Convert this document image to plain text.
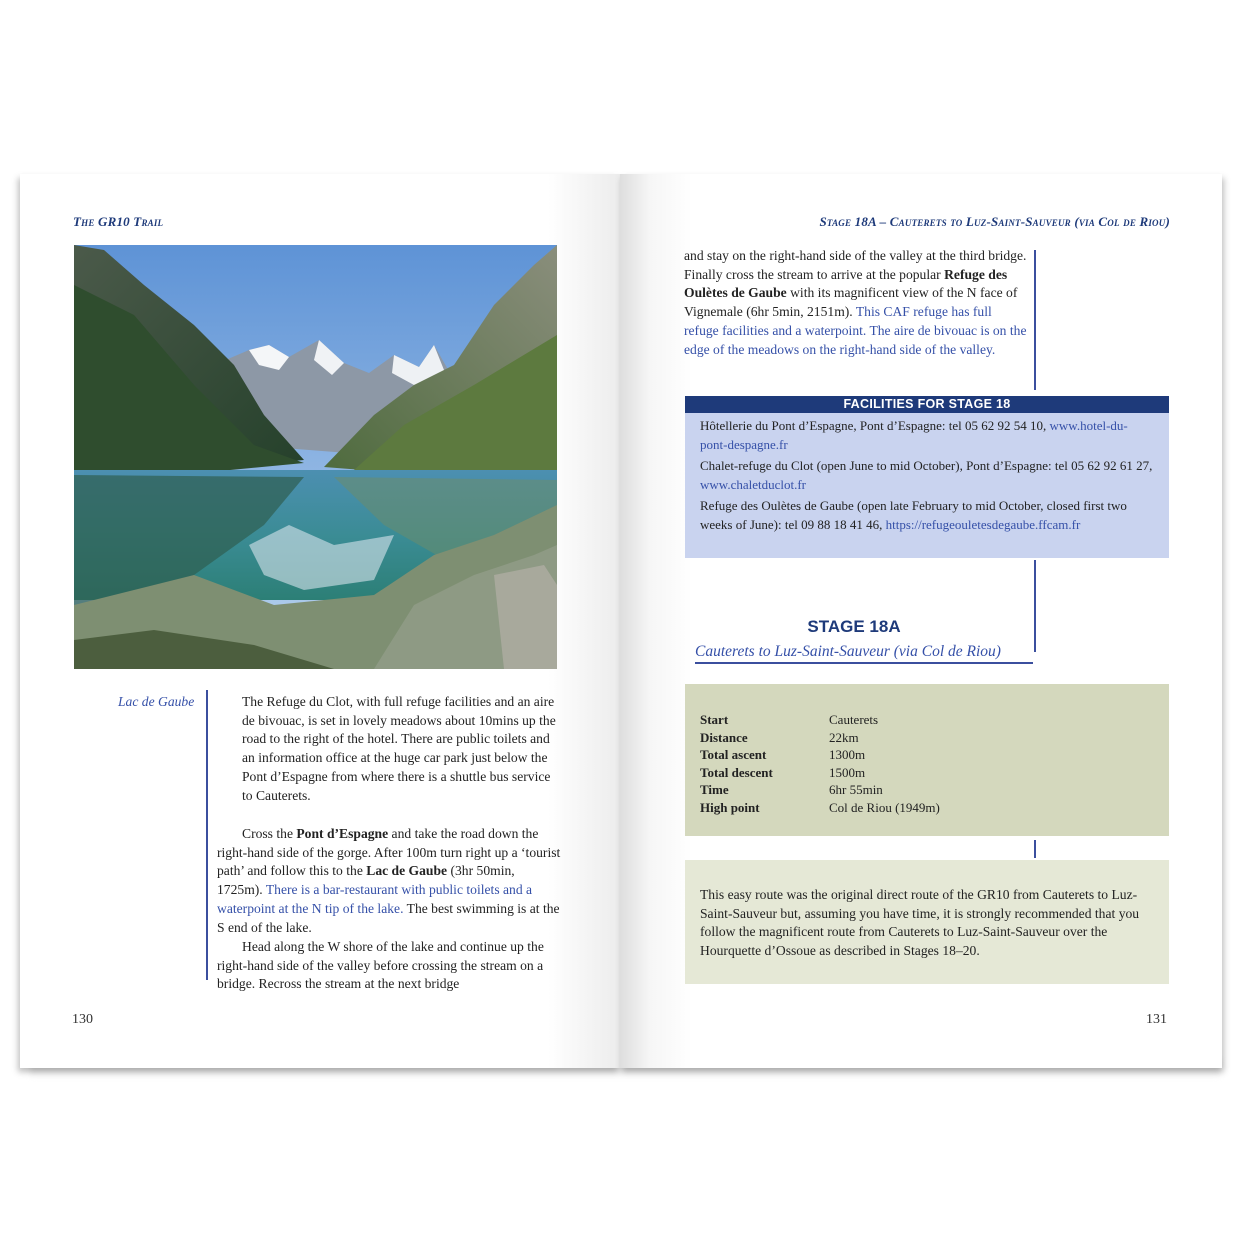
The GR10 Trail
Lac de Gaube	The Refuge du Clot, with full refuge facilities and an aire de bivouac, is set in lovely meadows about 10mins up the road to the right of the hotel. There are public toilets and an information office at the huge car park just below the Pont d’Espagne from where there is a shuttle bus service to Cauterets.

Cross the Pont d’Espagne and take the road down the right-hand side of the gorge. After 100m turn right up a ‘tourist path’ and follow this to the Lac de Gaube (3hr 50min, 1725m). There is a bar-restaurant with public toilets and a waterpoint at the N tip of the lake. The best swimming is at the S end of the lake.

Head along the W shore of the lake and continue up the right-hand side of the valley before crossing the stream on a bridge. Recross the stream at the next bridge

130
Stage 18A – Cauterets to Luz-Saint-Sauveur (via Col de Riou)

and stay on the right-hand side of the valley at the third bridge. Finally cross the stream to arrive at the popular Refuge des Oulètes de Gaube with its magnificent view of the N face of Vignemale (6hr 5min, 2151m). This CAF refuge has full refuge facilities and a waterpoint. The aire de bivouac is on the edge of the meadows on the right-hand side of the valley.

FACILITIES FOR STAGE 18

Hôtellerie du Pont d’Espagne, Pont d’Espagne: tel 05 62 92 54 10, www.hotel-du-pont-despagne.fr

Chalet-refuge du Clot (open June to mid October), Pont d’Espagne: tel 05 62 92 61 27, www.chaletduclot.fr

Refuge des Oulètes de Gaube (open late February to mid October, closed first two weeks of June): tel 09 88 18 41 46, https://refugeouletesdegaube.ffcam.fr

STAGE 18A
Cauterets to Luz-Saint-Sauveur (via Col de Riou)
Start	Cauterets
Distance	22km
Total ascent	1300m
Total descent	1500m
Time	6hr 55min
High point	Col de Riou (1949m)

This easy route was the original direct route of the GR10 from Cauterets to Luz-Saint-Sauveur but, assuming you have time, it is strongly recommended that you follow the magnificent route from Cauterets to Luz-Saint-Sauveur over the Hourquette d’Ossoue as described in Stages 18–20.

131
